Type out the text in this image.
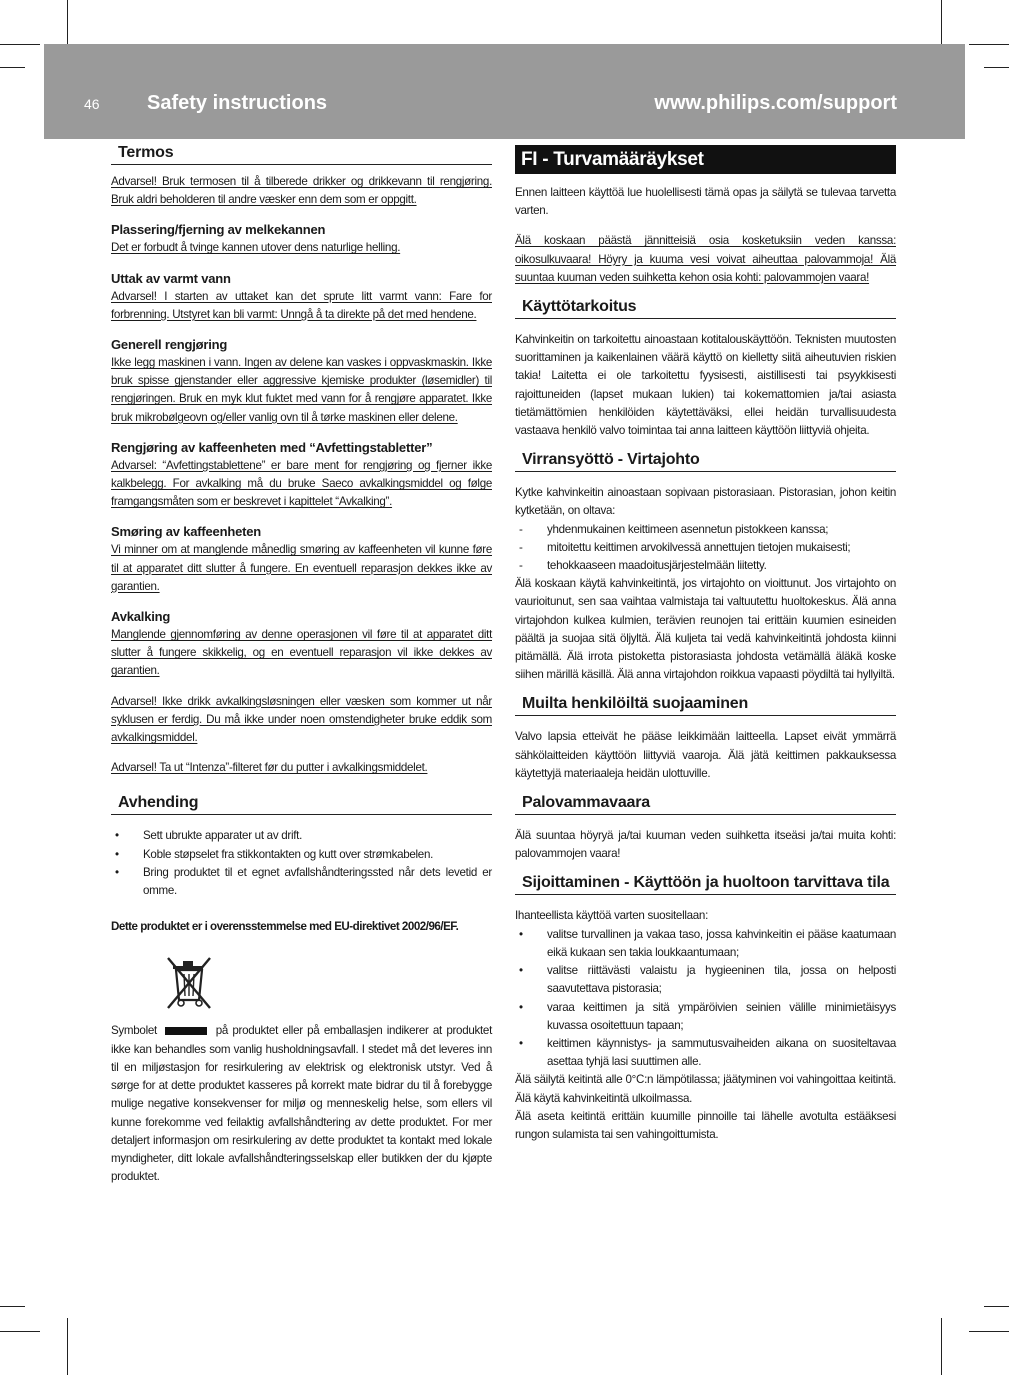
46 Safety instructions	www.philips.com/support
Termos

Advarsel! Bruk termosen til å tilberede drikker og drikkevann til rengjøring. Bruk aldri beholderen til andre væsker enn dem som er oppgitt.

Plassering/fjerning av melkekannen

Det er forbudt å tvinge kannen utover dens naturlige helling.

Uttak av varmt vann

Advarsel! I starten av uttaket kan det sprute litt varmt vann: Fare for forbrenning. Utstyret kan bli varmt: Unngå å ta direkte på det med hendene.

Generell rengjøring

Ikke legg maskinen i vann. Ingen av delene kan vaskes i oppvaskmaskin. Ikke bruk spisse gjenstander eller aggressive kjemiske produkter (løsemidler) til rengjøringen. Bruk en myk klut fuktet med vann for å rengjøre apparatet. Ikke bruk mikrobølgeovn og/eller vanlig ovn til å tørke maskinen eller delene.

Rengjøring av kaffeenheten med “Avfettingstabletter”

Advarsel: “Avfettingstablettene” er bare ment for rengjøring og fjerner ikke kalkbelegg. For avkalking må du bruke Saeco avkalkingsmiddel og følge framgangsmåten som er beskrevet i kapittelet “Avkalking”.

Smøring av kaffeenheten

Vi minner om at manglende månedlig smøring av kaffeenheten vil kunne føre til at apparatet ditt slutter å fungere. En eventuell reparasjon dekkes ikke av garantien.

Avkalking

Manglende gjennomføring av denne operasjonen vil føre til at apparatet ditt slutter å fungere skikkelig, og en eventuell reparasjon vil ikke dekkes av garantien.

Advarsel! Ikke drikk avkalkingsløsningen eller væsken som kommer ut når syklusen er ferdig. Du må ikke under noen omstendigheter bruke eddik som avkalkingsmiddel.

Advarsel! Ta ut “Intenza”-filteret før du putter i avkalkingsmiddelet.

Avhending
• Sett ubrukte apparater ut av drift.
• Koble støpselet fra stikkontakten og kutt over strømkabelen.
• Bring produktet til et egnet avfallshåndteringssted når dets levetid er omme.

Dette produktet er i overensstemmelse med EU-direktivet 2002/96/EF.

Symbolet	på produktet eller på emballasjen indikerer at produktet ikke kan behandles som vanlig husholdningsavfall. I stedet må det leveres inn til en miljøstasjon for resirkulering av elektrisk og elektronisk utstyr. Ved å sørge for at dette produktet kasseres på korrekt mate bidrar du til å forebygge mulige negative konsekvenser for miljø og menneskelig helse, som ellers vil kunne forekomme ved feilaktig avfallshåndtering av dette produktet. For mer detaljert informasjon om resirkulering av dette produktet ta kontakt med lokale myndigheter, ditt lokale avfallshåndteringsselskap eller butikken der du kjøpte produktet.

FI - Turvamääräykset

Ennen laitteen käyttöä lue huolellisesti tämä opas ja säilytä se tulevaa tarvetta varten.

Älä koskaan päästä jännitteisiä osia kosketuksiin veden kanssa: oikosulkuvaara! Höyry ja kuuma vesi voivat aiheuttaa palovammoja! Älä suuntaa kuuman veden suihketta kehon osia kohti: palovammojen vaara!

Käyttötarkoitus

Kahvinkeitin on tarkoitettu ainoastaan kotitalouskäyttöön. Teknisten muutosten suorittaminen ja kaikenlainen väärä käyttö on kielletty siitä aiheutuvien riskien takia! Laitetta ei ole tarkoitettu fyysisesti, aistillisesti tai psyykkisesti rajoittuneiden (lapset mukaan lukien) tai kokemattomien ja/tai asiasta tietämättömien henkilöiden käytettäväksi, ellei heidän turvallisuudesta vastaava henkilö valvo toimintaa tai anna laitteen käyttöön liittyviä ohjeita.

Virransyöttö - Virtajohto

Kytke kahvinkeitin ainoastaan sopivaan pistorasiaan. Pistorasian, johon keitin kytketään, on oltava:

- yhdenmukainen keittimeen asennetun pistokkeen kanssa;
- mitoitettu keittimen arvokilvessä annettujen tietojen mukaisesti;
- tehokkaaseen maadoitusjärjestelmään liitetty.

Älä koskaan käytä kahvinkeitintä, jos virtajohto on vioittunut. Jos virtajohto on vaurioitunut, sen saa vaihtaa valmistaja tai valtuutettu huoltokeskus. Älä anna virtajohdon kulkea kulmien, terävien reunojen tai erittäin kuumien esineiden päältä ja suojaa sitä öljyltä. Älä kuljeta tai vedä kahvinkeitintä johdosta kiinni pitämällä. Älä irrota pistoketta pistorasiasta johdosta vetämällä äläkä koske siihen märillä käsillä. Älä anna virtajohdon roikkua vapaasti pöydiltä tai hyllyiltä.

Muilta henkilöiltä suojaaminen

Valvo lapsia etteivät he pääse leikkimään laitteella. Lapset eivät ymmärrä sähkölaitteiden käyttöön liittyviä vaaroja. Älä jätä keittimen pakkauksessa käytettyjä materiaaleja heidän ulottuville.

Palovammavaara

Älä suuntaa höyryä ja/tai kuuman veden suihketta itseäsi ja/tai muita kohti: palovammojen vaara!

Sijoittaminen - Käyttöön ja huoltoon tarvittava tila

Ihanteellista käyttöä varten suositellaan:

• valitse turvallinen ja vakaa taso, jossa kahvinkeitin ei pääse kaatumaan eikä kukaan sen takia loukkaantumaan;
• valitse riittävästi valaistu ja hygieeninen tila, jossa on helposti saavutettava pistorasia;
• varaa keittimen ja sitä ympäröivien seinien välille minimietäisyys kuvassa osoitettuun tapaan;
• keittimen käynnistys- ja sammutusvaiheiden aikana on suositeltavaa asettaa tyhjä lasi suuttimen alle.

Älä säilytä keitintä alle 0°C:n lämpötilassa; jäätyminen voi vahingoittaa keitintä. Älä käytä kahvinkeitintä ulkoilmassa.

Älä aseta keitintä erittäin kuumille pinnoille tai lähelle avotulta estääksesi rungon sulamista tai sen vahingoittumista.
